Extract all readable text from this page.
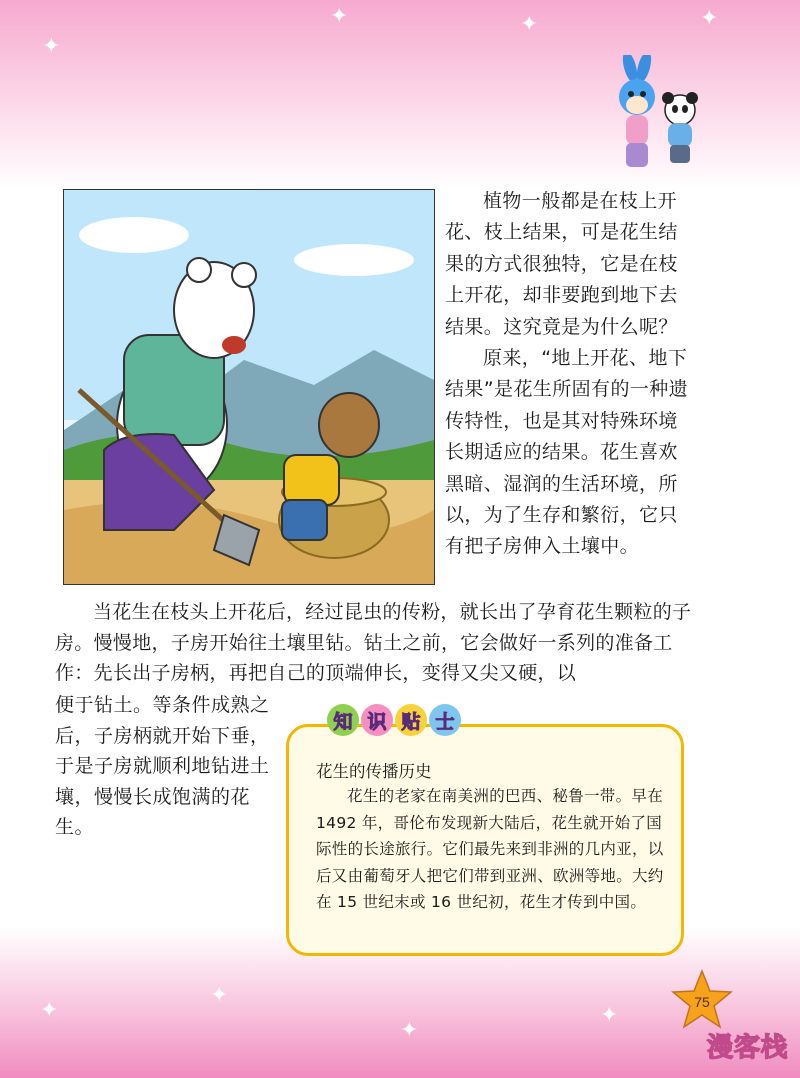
✦
✦	✦	✦
✦
✦
✦
✦

植物一般都是在枝上开花、枝上结果，可是花生结果的方式很独特，它是在枝上开花，却非要跑到地下去结果。这究竟是为什么呢？

原来，“地上开花、地下结果”是花生所固有的一种遗传特性，也是其对特殊环境长期适应的结果。花生喜欢黑暗、湿润的生活环境，所以，为了生存和繁衍，它只有把子房伸入土壤中。

当花生在枝头上开花后，经过昆虫的传粉，就长出了孕育花生颗粒的子房。慢慢地，子房开始往土壤里钻。钻土之前，它会做好一系列的准备工作：先长出子房柄，再把自己的顶端伸长，变得又尖又硬，以

便于钻土。等条件成熟之后，子房柄就开始下垂，于是子房就顺利地钻进土壤，慢慢长成饱满的花生。

知 识 贴 士

花生的传播历史

花生的老家在南美洲的巴西、秘鲁一带。早在 1492 年，哥伦布发现新大陆后，花生就开始了国际性的长途旅行。它们最先来到非洲的几内亚，以后又由葡萄牙人把它们带到亚洲、欧洲等地。大约在 15 世纪末或 16 世纪初，花生才传到中国。

75
漫客栈
